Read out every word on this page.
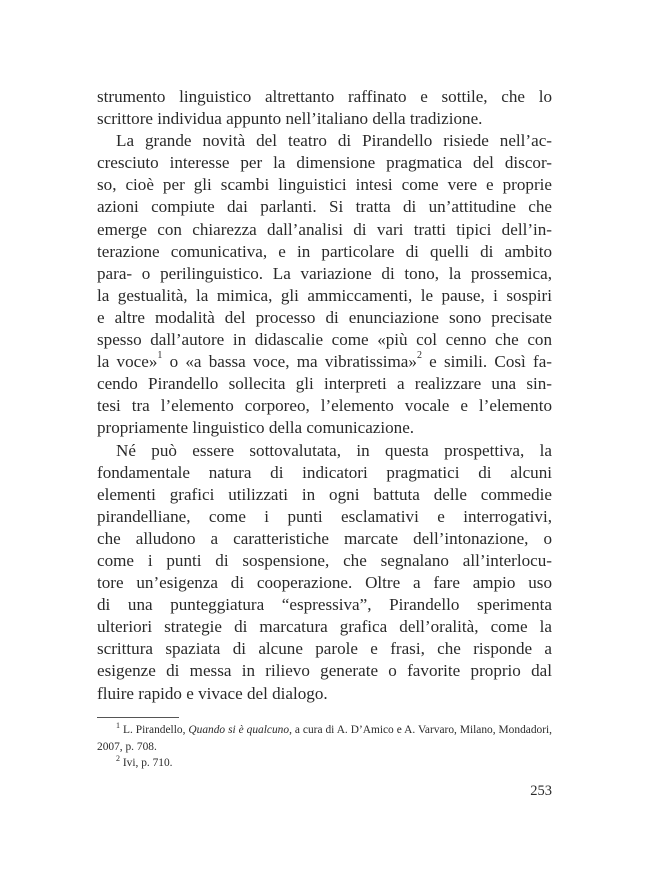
strumento linguistico altrettanto raffinato e sottile, che lo
scrittore individua appunto nell’italiano della tradizione.
La grande novità del teatro di Pirandello risiede nell’ac-
cresciuto interesse per la dimensione pragmatica del discor-
so, cioè per gli scambi linguistici intesi come vere e proprie
azioni compiute dai parlanti. Si tratta di un’attitudine che
emerge con chiarezza dall’analisi di vari tratti tipici dell’in-
terazione comunicativa, e in particolare di quelli di ambito
para- o perilinguistico. La variazione di tono, la prossemica,
la gestualità, la mimica, gli ammiccamenti, le pause, i sospiri
e altre modalità del processo di enunciazione sono precisate
spesso dall’autore in didascalie come «più col cenno che con
la voce»$^1$ o «a bassa voce, ma vibratissima»$^2$ e simili. Così fa-
cendo Pirandello sollecita gli interpreti a realizzare una sin-
tesi tra l’elemento corporeo, l’elemento vocale e l’elemento
propriamente linguistico della comunicazione.
Né può essere sottovalutata, in questa prospettiva, la
fondamentale natura di indicatori pragmatici di alcuni
elementi grafici utilizzati in ogni battuta delle commedie
pirandelliane, come i punti esclamativi e interrogativi,
che alludono a caratteristiche marcate dell’intonazione, o
come i punti di sospensione, che segnalano all’interlocu-
tore un’esigenza di cooperazione. Oltre a fare ampio uso
di una punteggiatura “espressiva”, Pirandello sperimenta
ulteriori strategie di marcatura grafica dell’oralità, come la
scrittura spaziata di alcune parole e frasi, che risponde a
esigenze di messa in rilievo generate o favorite proprio dal
fluire rapido e vivace del dialogo.
$^1$ L. Pirandello, Quando si è qualcuno, a cura di A. D’Amico e A. Varvaro, Milano, Mondadori,
2007, p. 708.
$^2$ Ivi, p. 710.
253
